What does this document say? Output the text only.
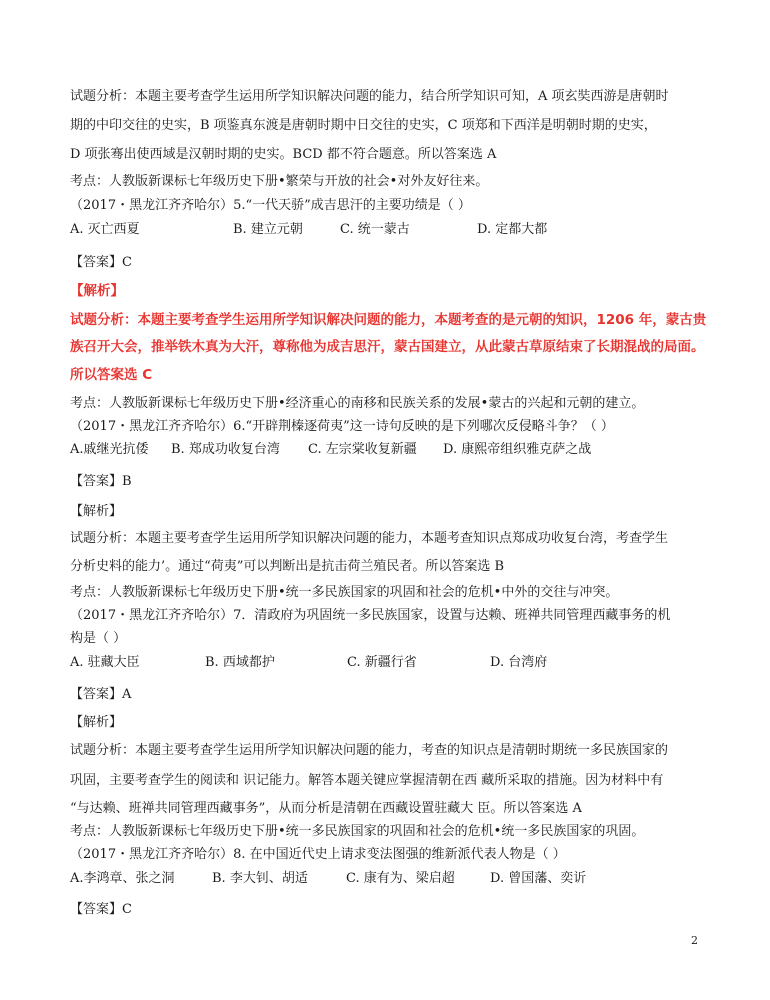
试题分析：本题主要考查学生运用所学知识解决问题的能力，结合所学知识可知，A 项玄奘西游是唐朝时
期的中印交往的史实，B 项鉴真东渡是唐朝时期中日交往的史实，C 项郑和下西洋是明朝时期的史实，
D 项张骞出使西域是汉朝时期的史实。BCD 都不符合题意。所以答案选 A
考点：人教版新课标七年级历史下册•繁荣与开放的社会•对外友好往来。
（2017・黑龙江齐齐哈尔）5.“一代天骄”成吉思汗的主要功绩是（ ）
A. 灭亡西夏	B. 建立元朝	C. 统一蒙古	D. 定都大都
【答案】C
【解析】
试题分析：本题主要考查学生运用所学知识解决问题的能力，本题考查的是元朝的知识，1206 年，蒙古贵
族召开大会，推举铁木真为大汗，尊称他为成吉思汗，蒙古国建立，从此蒙古草原结束了长期混战的局面。
所以答案选 C
考点：人教版新课标七年级历史下册•经济重心的南移和民族关系的发展•蒙古的兴起和元朝的建立。
（2017・黑龙江齐齐哈尔）6.“开辟荆榛逐荷夷”这一诗句反映的是下列哪次反侵略斗争？（ ）
A.戚继光抗倭 B. 郑成功收复台湾 C. 左宗棠收复新疆 D. 康熙帝组织雅克萨之战
【答案】B
【解析】
试题分析：本题主要考查学生运用所学知识解决问题的能力，本题考查知识点郑成功收复台湾，考查学生
分析史料的能力’。通过“荷夷”可以判断出是抗击荷兰殖民者。所以答案选 B
考点：人教版新课标七年级历史下册•统一多民族国家的巩固和社会的危机•中外的交往与冲突。
（2017・黑龙江齐齐哈尔）7．清政府为巩固统一多民族国家，设置与达赖、班禅共同管理西藏事务的机
构是（ ）
A. 驻藏大臣	B. 西域都护	C. 新疆行省	D. 台湾府
【答案】A
【解析】
试题分析：本题主要考查学生运用所学知识解决问题的能力，考查的知识点是清朝时期统一多民族国家的
巩固，主要考查学生的阅读和 识记能力。解答本题关键应掌握清朝在西 藏所采取的措施。因为材料中有
“与达赖、班禅共同管理西藏事务”，从而分析是清朝在西藏设置驻藏大 臣。所以答案选 A
考点：人教版新课标七年级历史下册•统一多民族国家的巩固和社会的危机•统一多民族国家的巩固。
（2017・黑龙江齐齐哈尔）8. 在中国近代史上请求变法图强的维新派代表人物是（ ）
A.李鸿章、张之洞	B. 李大钊、胡适	C. 康有为、梁启超	D. 曾国藩、奕䜣
【答案】C
2
